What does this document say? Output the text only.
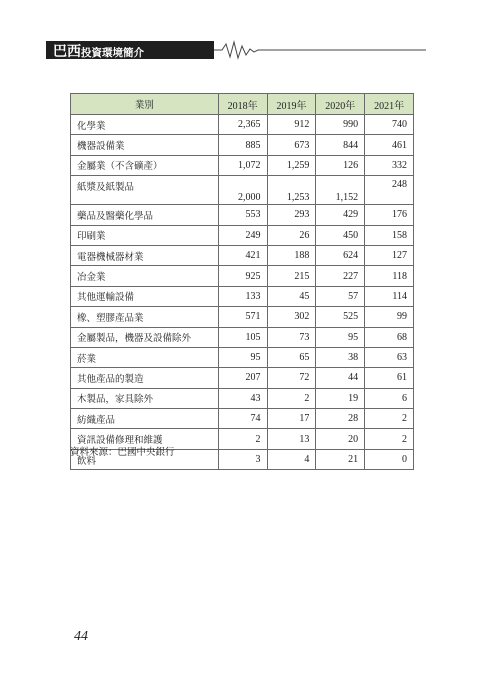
巴西投資環境簡介
業別	2018年	2019年	2020年	2021年
化學業	2,365	912	990	740
機器設備業	885	673	844	461
金屬業（不含礦產）	1,072	1,259	126	332
紙漿及紙製品	2,000	1,253	1,152	248
藥品及醫藥化學品	553	293	429	176
印刷業	249	26	450	158
電器機械器材業	421	188	624	127
冶金業	925	215	227	118
其他運輸設備	133	45	57	114
橡、塑膠產品業	571	302	525	99
金屬製品，機器及設備除外	105	73	95	68
菸業	95	65	38	63
其他產品的製造	207	72	44	61
木製品，家具除外	43	2	19	6
紡織產品	74	17	28	2
資訊設備修理和維護	2	13	20	2
飲料	3	4	21	0
資料來源：巴國中央銀行
44
